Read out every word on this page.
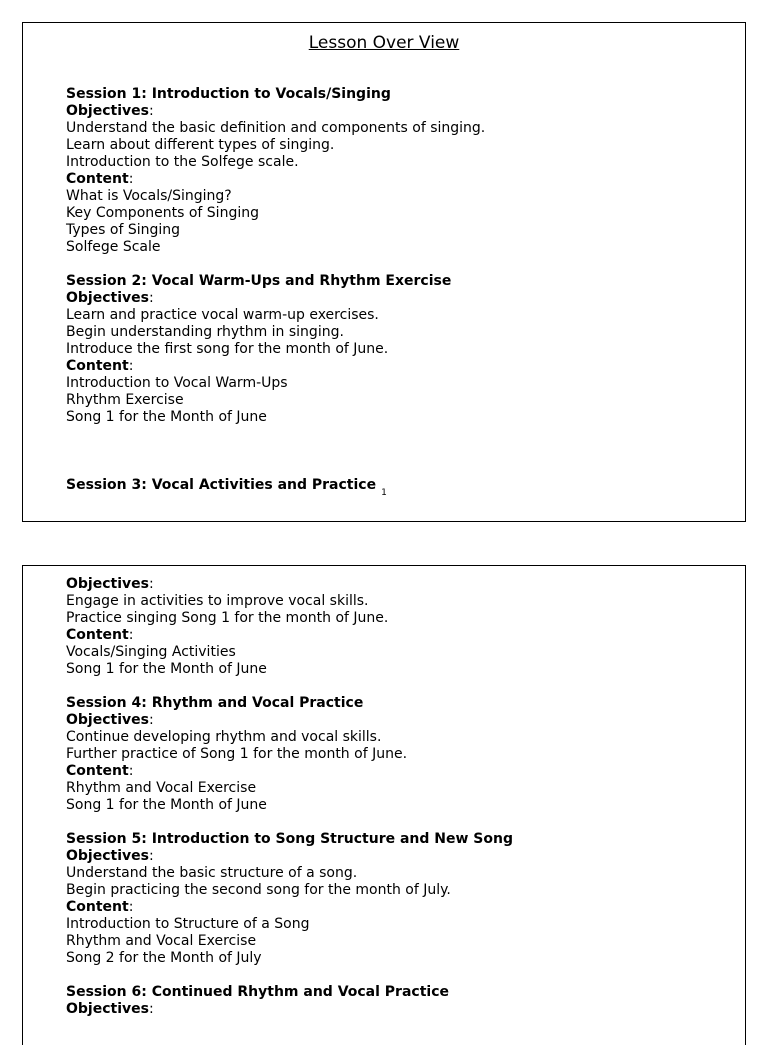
Lesson Over View
Session 1: Introduction to Vocals/Singing
Objectives:
Understand the basic definition and components of singing.
Learn about different types of singing.
Introduction to the Solfege scale.
Content:
What is Vocals/Singing?
Key Components of Singing
Types of Singing
Solfege Scale
Session 2: Vocal Warm-Ups and Rhythm Exercise
Objectives:
Learn and practice vocal warm-up exercises.
Begin understanding rhythm in singing.
Introduce the first song for the month of June.
Content:
Introduction to Vocal Warm-Ups
Rhythm Exercise
Song 1 for the Month of June
Session 3: Vocal Activities and Practice 1
Objectives:
Engage in activities to improve vocal skills.
Practice singing Song 1 for the month of June.
Content:
Vocals/Singing Activities
Song 1 for the Month of June
Session 4: Rhythm and Vocal Practice
Objectives:
Continue developing rhythm and vocal skills.
Further practice of Song 1 for the month of June.
Content:
Rhythm and Vocal Exercise
Song 1 for the Month of June
Session 5: Introduction to Song Structure and New Song
Objectives:
Understand the basic structure of a song.
Begin practicing the second song for the month of July.
Content:
Introduction to Structure of a Song
Rhythm and Vocal Exercise
Song 2 for the Month of July
Session 6: Continued Rhythm and Vocal Practice
Objectives:
